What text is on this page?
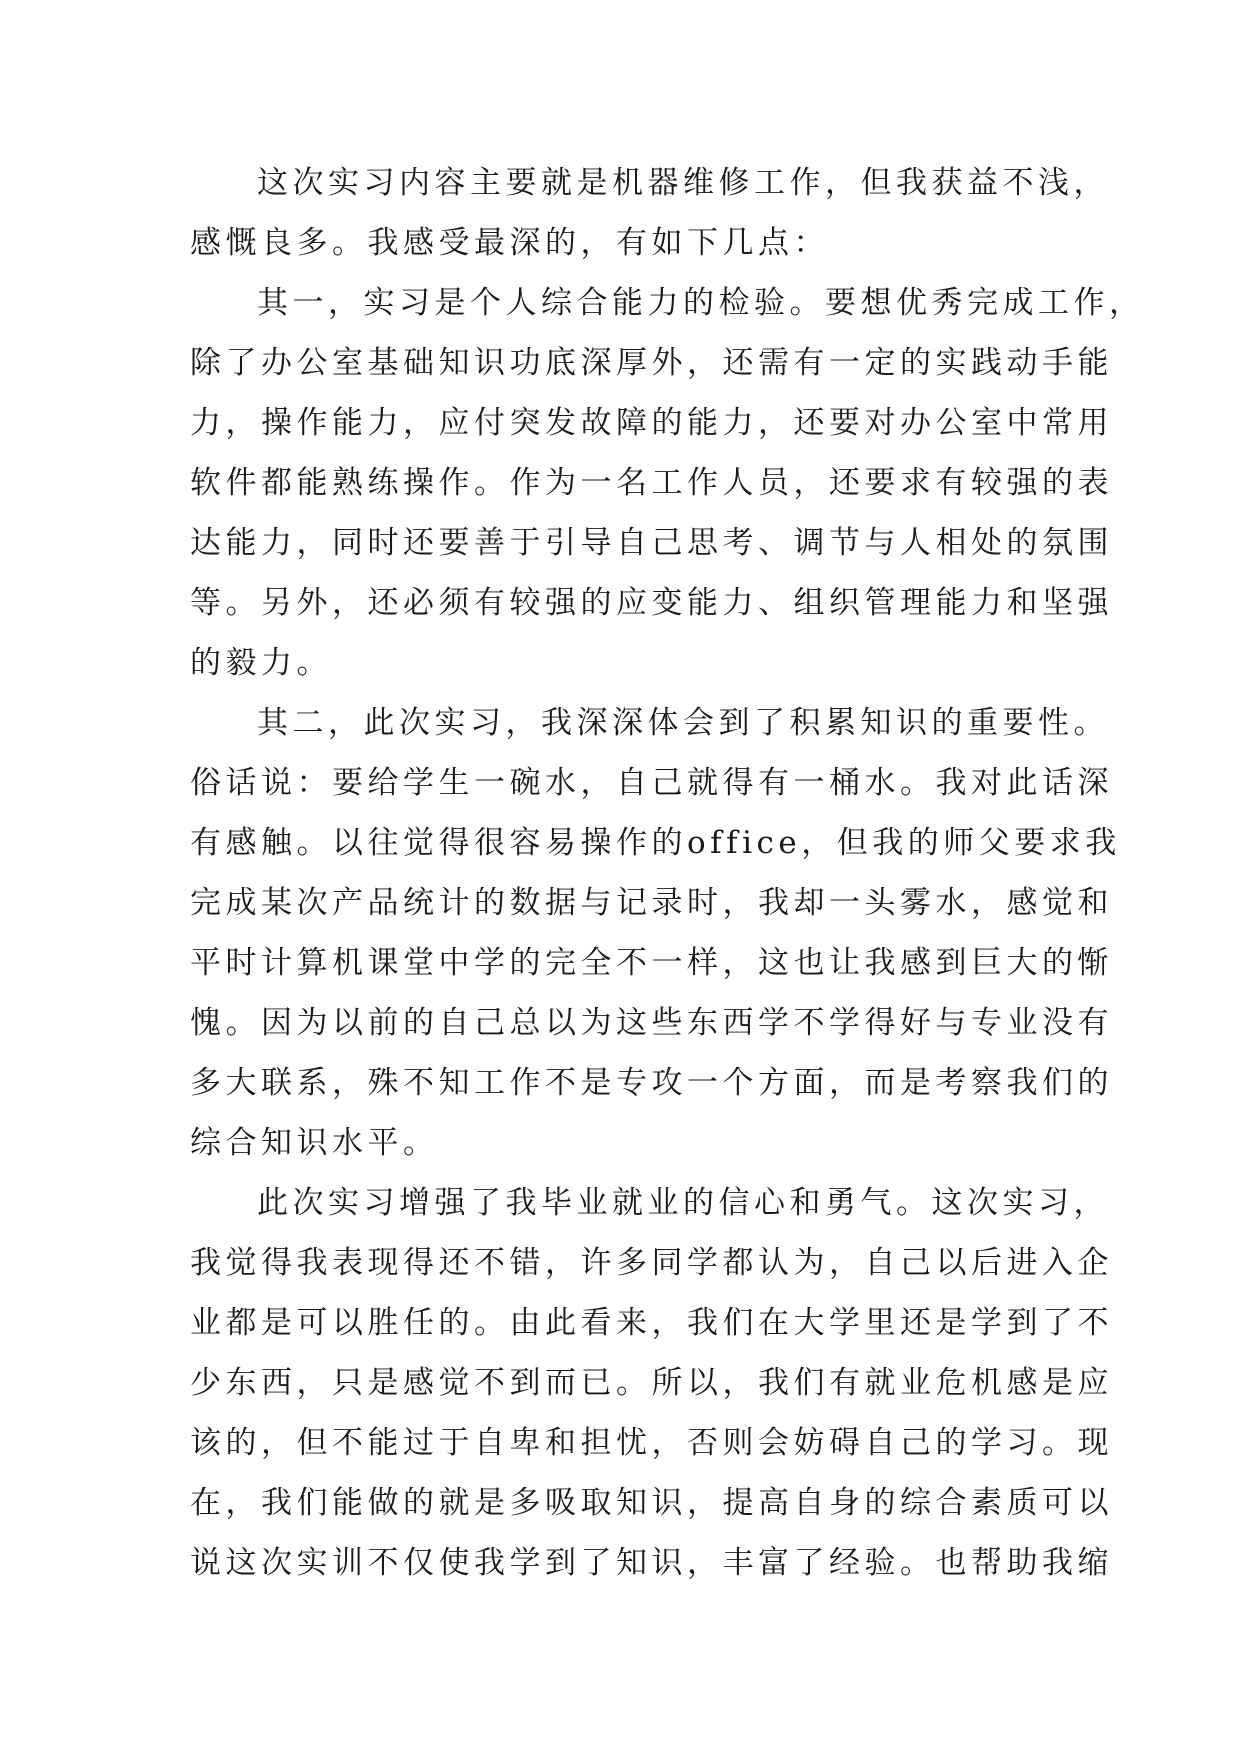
这次实习内容主要就是机器维修工作，但我获益不浅，
感慨良多。我感受最深的，有如下几点：
其一，实习是个人综合能力的检验。要想优秀完成工作，
除了办公室基础知识功底深厚外，还需有一定的实践动手能
力，操作能力，应付突发故障的能力，还要对办公室中常用
软件都能熟练操作。作为一名工作人员，还要求有较强的表
达能力，同时还要善于引导自己思考、调节与人相处的氛围
等。另外，还必须有较强的应变能力、组织管理能力和坚强
的毅力。
其二，此次实习，我深深体会到了积累知识的重要性。
俗话说：要给学生一碗水，自己就得有一桶水。我对此话深
有感触。以往觉得很容易操作的office，但我的师父要求我
完成某次产品统计的数据与记录时，我却一头雾水，感觉和
平时计算机课堂中学的完全不一样，这也让我感到巨大的惭
愧。因为以前的自己总以为这些东西学不学得好与专业没有
多大联系，殊不知工作不是专攻一个方面，而是考察我们的
综合知识水平。
此次实习增强了我毕业就业的信心和勇气。这次实习，
我觉得我表现得还不错，许多同学都认为，自己以后进入企
业都是可以胜任的。由此看来，我们在大学里还是学到了不
少东西，只是感觉不到而已。所以，我们有就业危机感是应
该的，但不能过于自卑和担忧，否则会妨碍自己的学习。现
在，我们能做的就是多吸取知识，提高自身的综合素质可以
说这次实训不仅使我学到了知识，丰富了经验。也帮助我缩
